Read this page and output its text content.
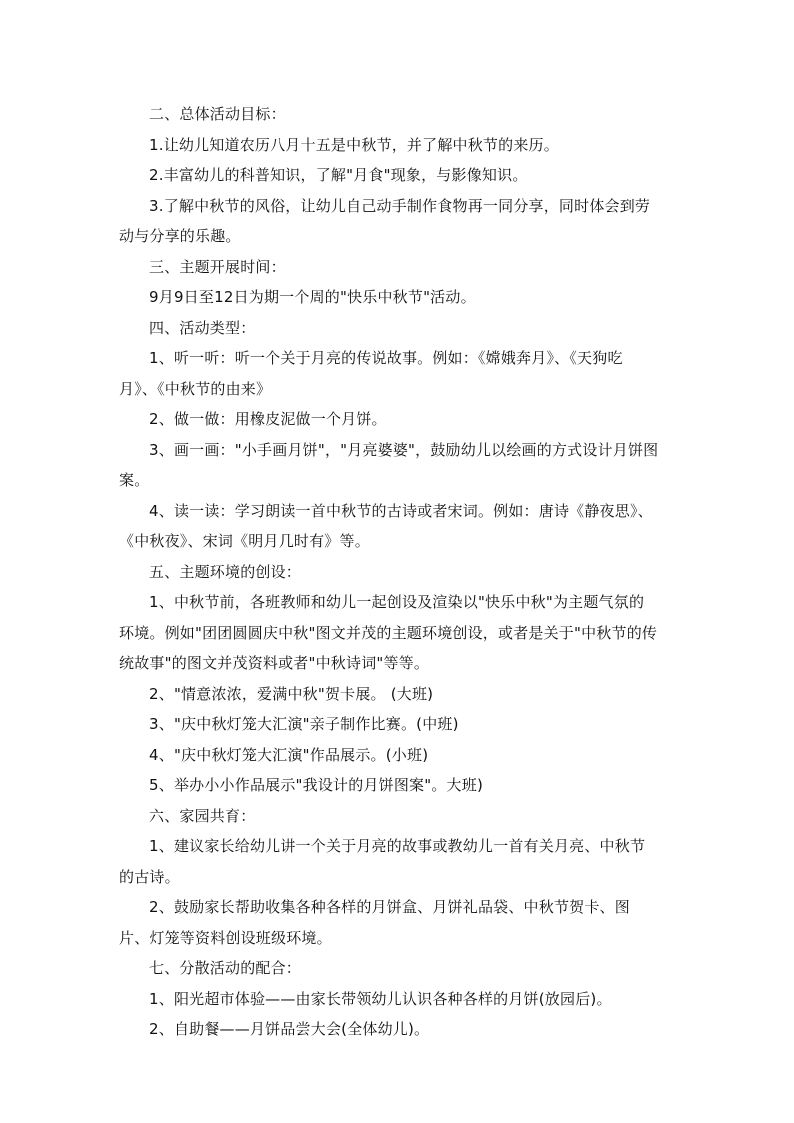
二、总体活动目标：

1.让幼儿知道农历八月十五是中秋节，并了解中秋节的来历。

2.丰富幼儿的科普知识，了解"月食"现象，与影像知识。

3.了解中秋节的风俗，让幼儿自己动手制作食物再一同分享，同时体会到劳动与分享的乐趣。

三、主题开展时间：

9月9日至12日为期一个周的"快乐中秋节"活动。

四、活动类型：

1、听一听：听一个关于月亮的传说故事。例如：《嫦娥奔月》、《天狗吃月》、《中秋节的由来》

2、做一做：用橡皮泥做一个月饼。

3、画一画："小手画月饼"，"月亮婆婆"，鼓励幼儿以绘画的方式设计月饼图案。

4、读一读：学习朗读一首中秋节的古诗或者宋词。例如：唐诗《静夜思》、《中秋夜》、宋词《明月几时有》等。

五、主题环境的创设：

1、中秋节前，各班教师和幼儿一起创设及渲染以"快乐中秋"为主题气氛的环境。例如"团团圆圆庆中秋"图文并茂的主题环境创设，或者是关于"中秋节的传统故事"的图文并茂资料或者"中秋诗词"等等。

2、"情意浓浓，爱满中秋"贺卡展。 (大班)

3、"庆中秋灯笼大汇演"亲子制作比赛。(中班)

4、"庆中秋灯笼大汇演"作品展示。(小班)

5、举办小小作品展示"我设计的月饼图案"。大班)

六、家园共育：

1、建议家长给幼儿讲一个关于月亮的故事或教幼儿一首有关月亮、中秋节的古诗。

2、鼓励家长帮助收集各种各样的月饼盒、月饼礼品袋、中秋节贺卡、图片、灯笼等资料创设班级环境。

七、分散活动的配合：

1、阳光超市体验——由家长带领幼儿认识各种各样的月饼(放园后)。

2、自助餐——月饼品尝大会(全体幼儿)。
